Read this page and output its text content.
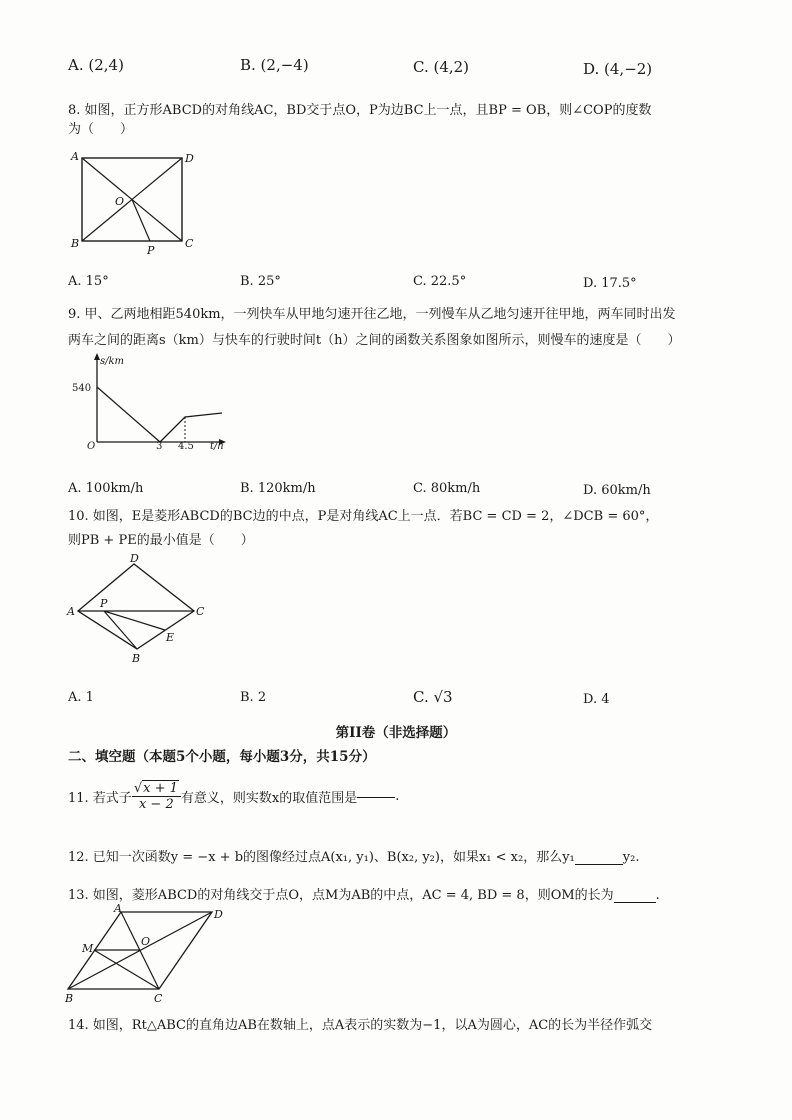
A. (2,4)	B. (2,−4)	C. (4,2)	D. (4,−2)
8. 如图，正方形ABCD的对角线AC，BD交于点O，P为边BC上一点，且BP = OB，则∠COP的度数
为（　　）
A	D
B	C
O
P
A. 15°	B. 25°	C. 22.5°	D. 17.5°
9. 甲、乙两地相距540km，一列快车从甲地匀速开往乙地，一列慢车从乙地匀速开往甲地，两车同时出发
两车之间的距离s（km）与快车的行驶时间t（h）之间的函数关系图象如图所示，则慢车的速度是（　　）
s/km
540
O	3 4.5 t/h
A. 100km/h	B. 120km/h	C. 80km/h	D. 60km/h
10. 如图，E是菱形ABCD的BC边的中点，P是对角线AC上一点．若BC = CD = 2，∠DCB = 60°，
则PB + PE的最小值是（　　）
D
A
P
C
E
B
A. 1	B. 2	C. √3	D. 4
第II卷（非选择题）
二、填空题（本题5个小题，每小题3分，共15分）
11. 若式子 $\frac{√x + 1}{x - 2}$ 有意义，则实数x的取值范围是	.
12. 已知一次函数y = −x + b的图像经过点A(x₁, y₁)、B(x₂, y₂)，如果x₁ < x₂，那么y₁	y₂.
13. 如图，菱形ABCD的对角线交于点O，点M为AB的中点，AC = 4, BD = 8，则OM的长为	.
A	D
M
O
B	C
14. 如图，Rt△ABC的直角边AB在数轴上，点A表示的实数为−1，以A为圆心，AC的长为半径作弧交
